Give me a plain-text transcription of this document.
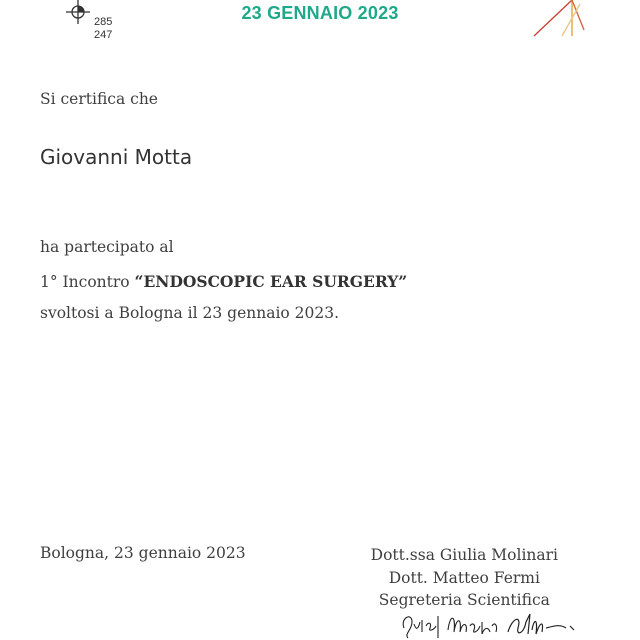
285
247
23 GENNAIO 2023
Si certifica che
Giovanni Motta
ha partecipato al
1° Incontro “ENDOSCOPIC EAR SURGERY”
svoltosi a Bologna il 23 gennaio 2023.
Bologna, 23 gennaio 2023	Dott.ssa Giulia Molinari
Dott. Matteo Fermi
Segreteria Scientifica
